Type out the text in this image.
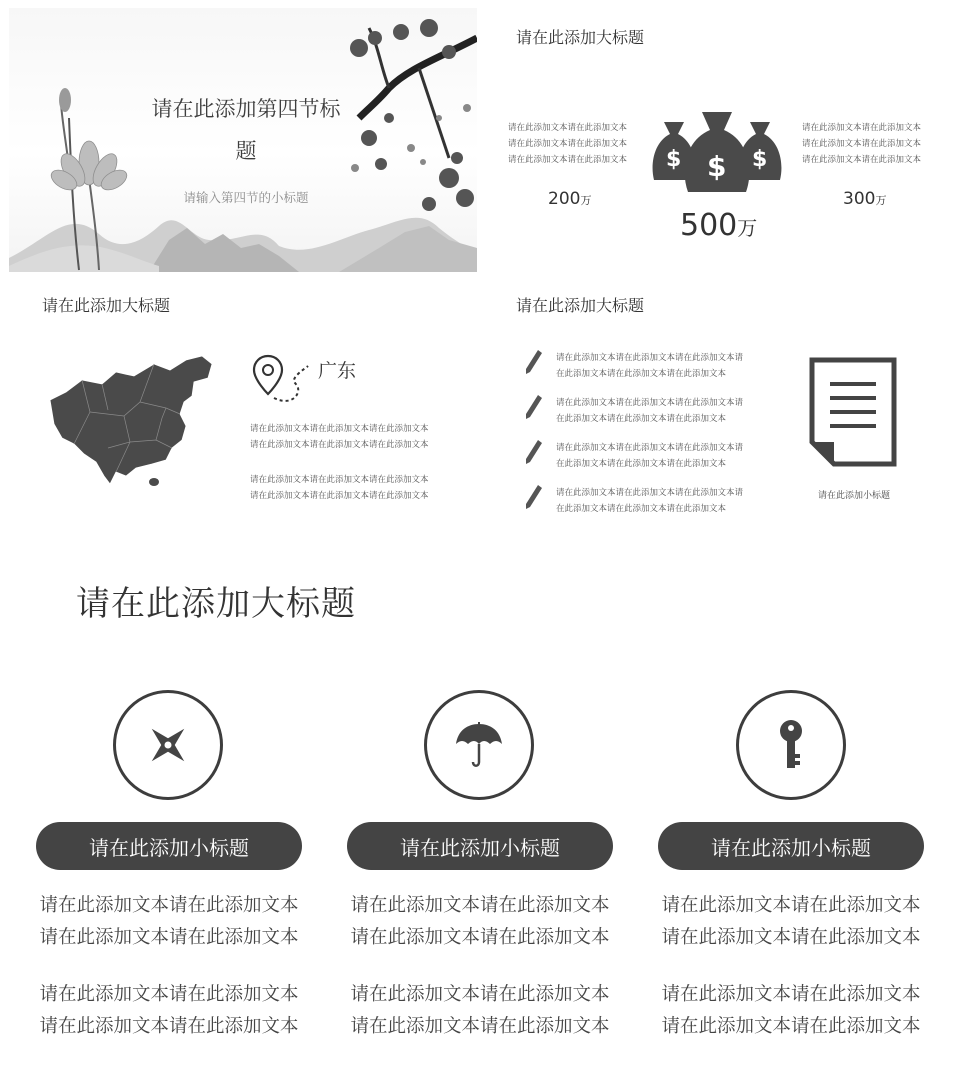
请在此添加第四节标
题
请输入第四节的小标题
请在此添加大标题
请在此添加文本请在此添加文本
请在此添加文本请在此添加文本
请在此添加文本请在此添加文本
请在此添加文本请在此添加文本
请在此添加文本请在此添加文本
请在此添加文本请在此添加文本
$	$
$
200万
500万
300万
请在此添加大标题
广东
请在此添加文本请在此添加文本请在此添加文本
请在此添加文本请在此添加文本请在此添加文本
请在此添加文本请在此添加文本请在此添加文本
请在此添加文本请在此添加文本请在此添加文本
请在此添加大标题
请在此添加文本请在此添加文本请在此添加文本请
在此添加文本请在此添加文本请在此添加文本
请在此添加文本请在此添加文本请在此添加文本请
在此添加文本请在此添加文本请在此添加文本
请在此添加文本请在此添加文本请在此添加文本请
在此添加文本请在此添加文本请在此添加文本
请在此添加文本请在此添加文本请在此添加文本请
在此添加文本请在此添加文本请在此添加文本
请在此添加小标题
请在此添加大标题
请在此添加小标题
请在此添加文本请在此添加文本
请在此添加文本请在此添加文本
请在此添加文本请在此添加文本
请在此添加文本请在此添加文本
请在此添加小标题
请在此添加文本请在此添加文本
请在此添加文本请在此添加文本
请在此添加文本请在此添加文本
请在此添加文本请在此添加文本
请在此添加小标题
请在此添加文本请在此添加文本
请在此添加文本请在此添加文本
请在此添加文本请在此添加文本
请在此添加文本请在此添加文本
